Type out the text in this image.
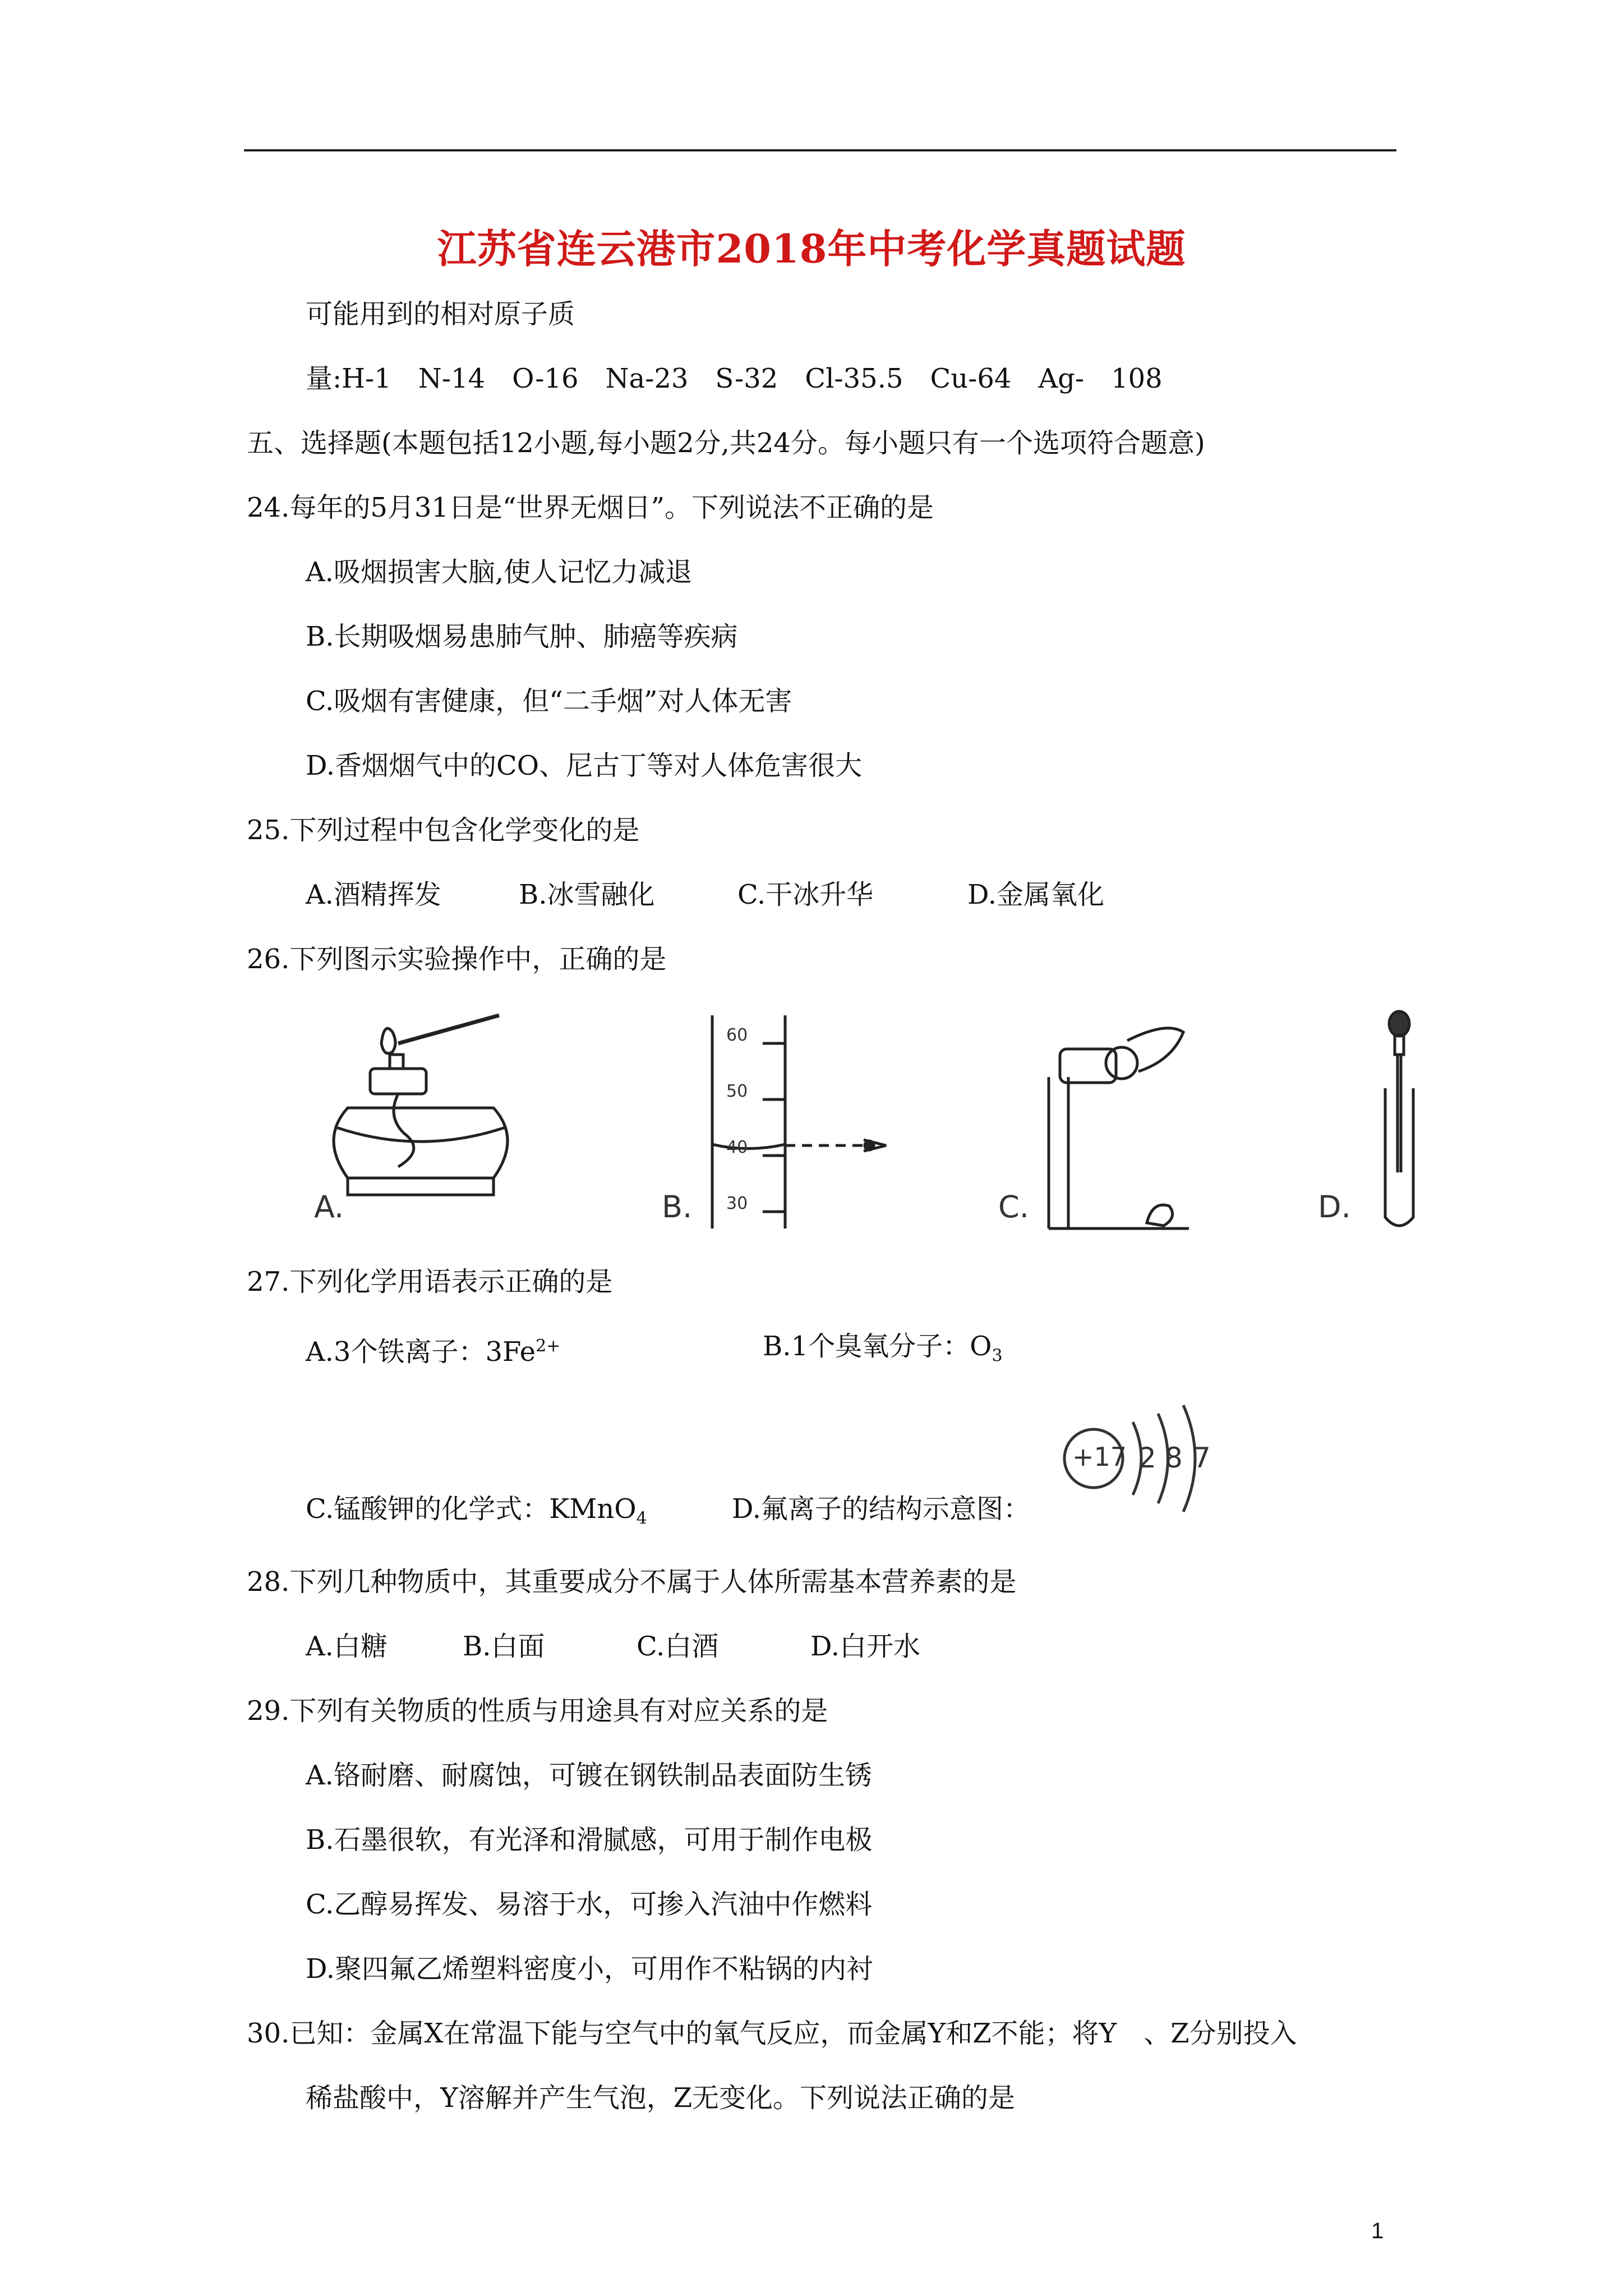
江苏省连云港市2018年中考化学真题试题
可能用到的相对原子质
量:H-1　N-14　O-16　Na-23　S-32　Cl-35.5　Cu-64　Ag-　108
五、选择题(本题包括12小题,每小题2分,共24分。每小题只有一个选项符合题意)
24.每年的5月31日是“世界无烟日”。下列说法不正确的是
A.吸烟损害大脑,使人记忆力减退
B.长期吸烟易患肺气肿、肺癌等疾病
C.吸烟有害健康，但“二手烟”对人体无害
D.香烟烟气中的CO、尼古丁等对人体危害很大
25.下列过程中包含化学变化的是
A.酒精挥发	B.冰雪融化	C.干冰升华	D.金属氧化
26.下列图示实验操作中，正确的是
A.
60
50
40
30
B.	C.	D.
27.下列化学用语表示正确的是
A.3个铁离子：$3Fe^{2+}$	B.1个臭氧分子：$O_3$
+17 2 8 7
C.锰酸钾的化学式：KMnO$_4$	D.氟离子的结构示意图：
28.下列几种物质中，其重要成分不属于人体所需基本营养素的是
A.白糖	B.白面	C.白酒	D.白开水
29.下列有关物质的性质与用途具有对应关系的是
A.铬耐磨、耐腐蚀，可镀在钢铁制品表面防生锈
B.石墨很软，有光泽和滑腻感，可用于制作电极
C.乙醇易挥发、易溶于水，可掺入汽油中作燃料
D.聚四氟乙烯塑料密度小，可用作不粘锅的内衬
30.已知：金属X在常温下能与空气中的氧气反应，而金属Y和Z不能；将Y　、Z分别投入
稀盐酸中，Y溶解并产生气泡，Z无变化。下列说法正确的是
1
